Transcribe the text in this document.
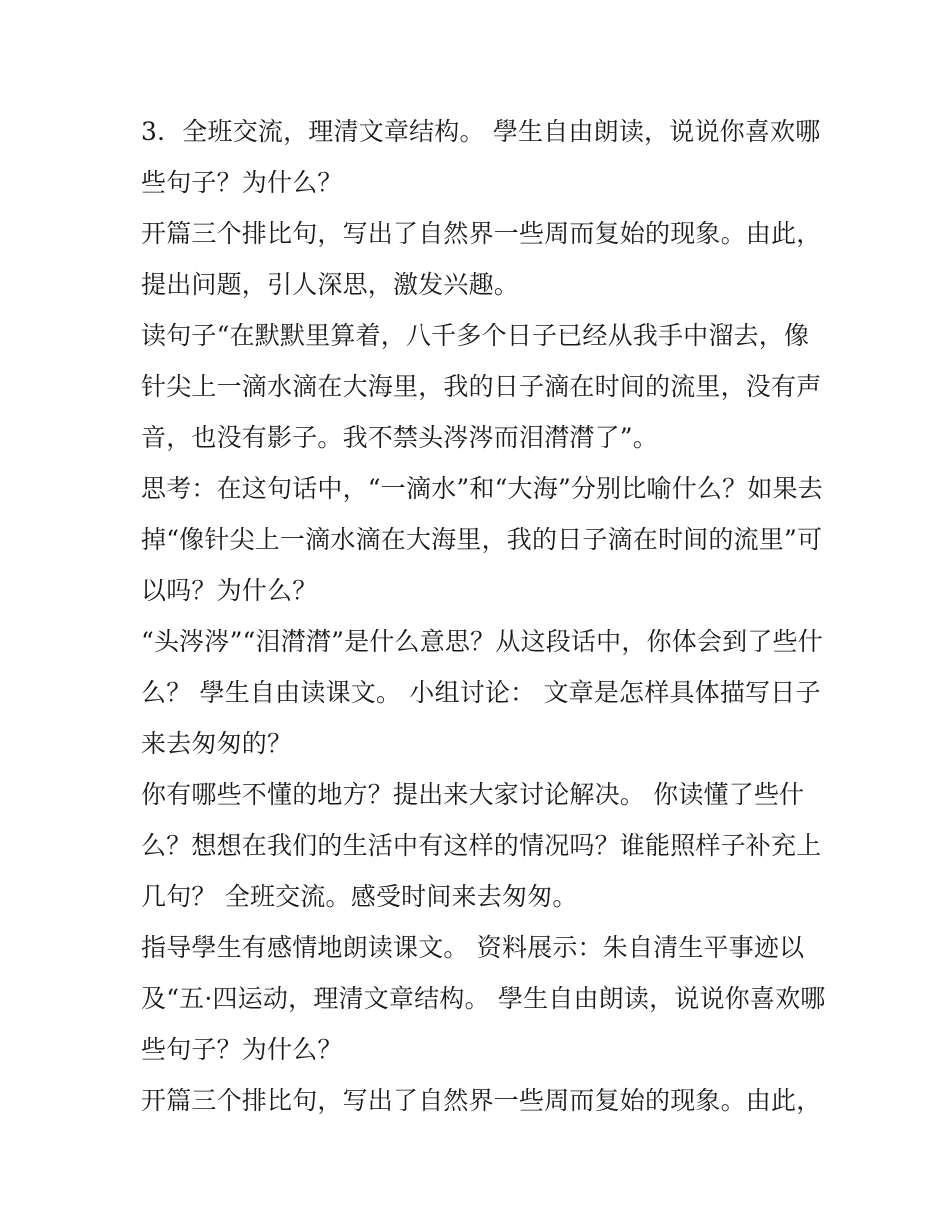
3．全班交流，理清文章结构。 學生自由朗读，说说你喜欢哪
些句子？为什么？
开篇三个排比句，写出了自然界一些周而复始的现象。由此，
提出问题，引人深思，激发兴趣。
读句子“在默默里算着，八千多个日子已经从我手中溜去，像
针尖上一滴水滴在大海里，我的日子滴在时间的流里，没有声
音，也没有影子。我不禁头涔涔而泪潸潸了”。
思考：在这句话中，“一滴水”和“大海”分别比喻什么？如果去
掉“像针尖上一滴水滴在大海里，我的日子滴在时间的流里”可
以吗？为什么？
“头涔涔”“泪潸潸”是什么意思？从这段话中，你体会到了些什
么？ 學生自由读课文。 小组讨论： 文章是怎样具体描写日子
来去匆匆的？
你有哪些不懂的地方？提出来大家讨论解决。 你读懂了些什
么？想想在我们的生活中有这样的情况吗？谁能照样子补充上
几句？ 全班交流。感受时间来去匆匆。
指导學生有感情地朗读课文。 资料展示：朱自清生平事迹以
及“五·四运动，理清文章结构。 學生自由朗读，说说你喜欢哪
些句子？为什么？
开篇三个排比句，写出了自然界一些周而复始的现象。由此，
